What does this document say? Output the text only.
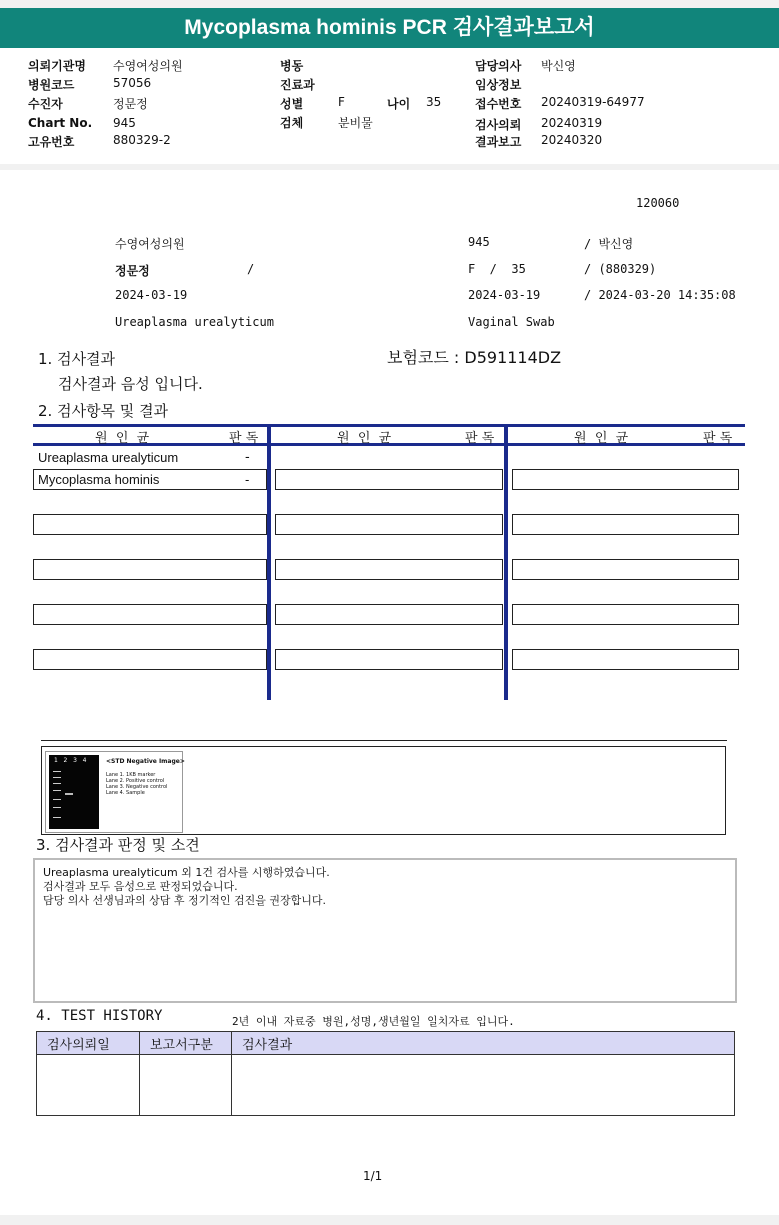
Mycoplasma hominis PCR 검사결과보고서
의뢰기관명 수영여성의원
병원코드	57056
수진자	정문정
Chart No. 945
고유번호	880329-2
병동
진료과
성별	F	나이 35
검체	분비물
담당의사 박신영
임상정보
접수번호 20240319-64977
검사의뢰 20240319
결과보고 20240320
120060
수영여성의원	945	/ 박신영
정문정	/	F  /  35	/ (880329)
2024-03-19	2024-03-19	/ 2024-03-20 14:35:08
Ureaplasma urealyticum	Vaginal Swab
1. 검사결과	보험코드 : D591114DZ
검사결과 음성 입니다.
2. 검사항목 및 결과
원  인  균	판 독	원  인  균	판 독	원  인  균	판 독
Ureaplasma urealyticum	-
Mycoplasma hominis	-
1   2   3   4	<STD Negative Image>
Lane 1. 1KB marker
Lane 2. Positive control
Lane 3. Negative control
Lane 4. Sample
3. 검사결과 판정 및 소견
Ureaplasma urealyticum 외 1건 검사를 시행하였습니다.
검사결과 모두 음성으로 판정되었습니다.
담당 의사 선생님과의 상담 후 정기적인 검진을 권장합니다.
4. TEST HISTORY	2년 이내 자료중 병원,성명,생년월일 일치자료 입니다.
검사의뢰일	보고서구분	검사결과

1/1
